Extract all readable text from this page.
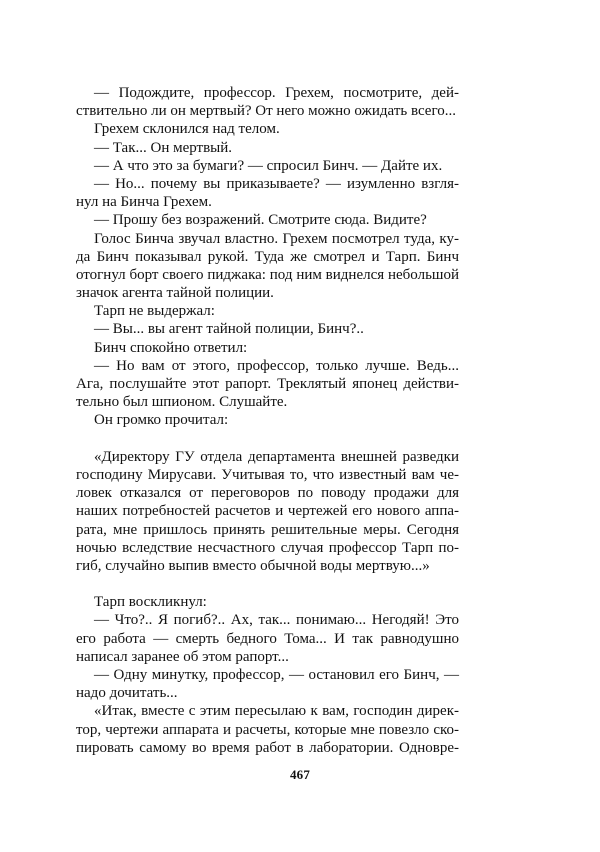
— Подождите, профессор. Грехем, посмотрите, дей-
ствительно ли он мертвый? От него можно ожидать всего...
Грехем склонился над телом.
— Так... Он мертвый.
— А что это за бумаги? — спросил Бинч. — Дайте их.
— Но... почему вы приказываете? — изумленно взгля-
нул на Бинча Грехем.
— Прошу без возражений. Смотрите сюда. Видите?
Голос Бинча звучал властно. Грехем посмотрел туда, ку-
да Бинч показывал рукой. Туда же смотрел и Тарп. Бинч
отогнул борт своего пиджака: под ним виднелся небольшой
значок агента тайной полиции.
Тарп не выдержал:
— Вы... вы агент тайной полиции, Бинч?..
Бинч спокойно ответил:
— Но вам от этого, профессор, только лучше. Ведь...
Ага, послушайте этот рапорт. Треклятый японец действи-
тельно был шпионом. Слушайте.
Он громко прочитал:
«Директору ГУ отдела департамента внешней разведки
господину Мирусави. Учитывая то, что известный вам че-
ловек отказался от переговоров по поводу продажи для
наших потребностей расчетов и чертежей его нового аппа-
рата, мне пришлось принять решительные меры. Сегодня
ночью вследствие несчастного случая профессор Тарп по-
гиб, случайно выпив вместо обычной воды мертвую...»
Тарп воскликнул:
— Что?.. Я погиб?.. Ах, так... понимаю... Негодяй! Это
его работа — смерть бедного Тома... И так равнодушно
написал заранее об этом рапорт...
— Одну минутку, профессор, — остановил его Бинч, —
надо дочитать...
«Итак, вместе с этим пересылаю к вам, господин дирек-
тор, чертежи аппарата и расчеты, которые мне повезло ско-
пировать самому во время работ в лаборатории. Одновре-
467
